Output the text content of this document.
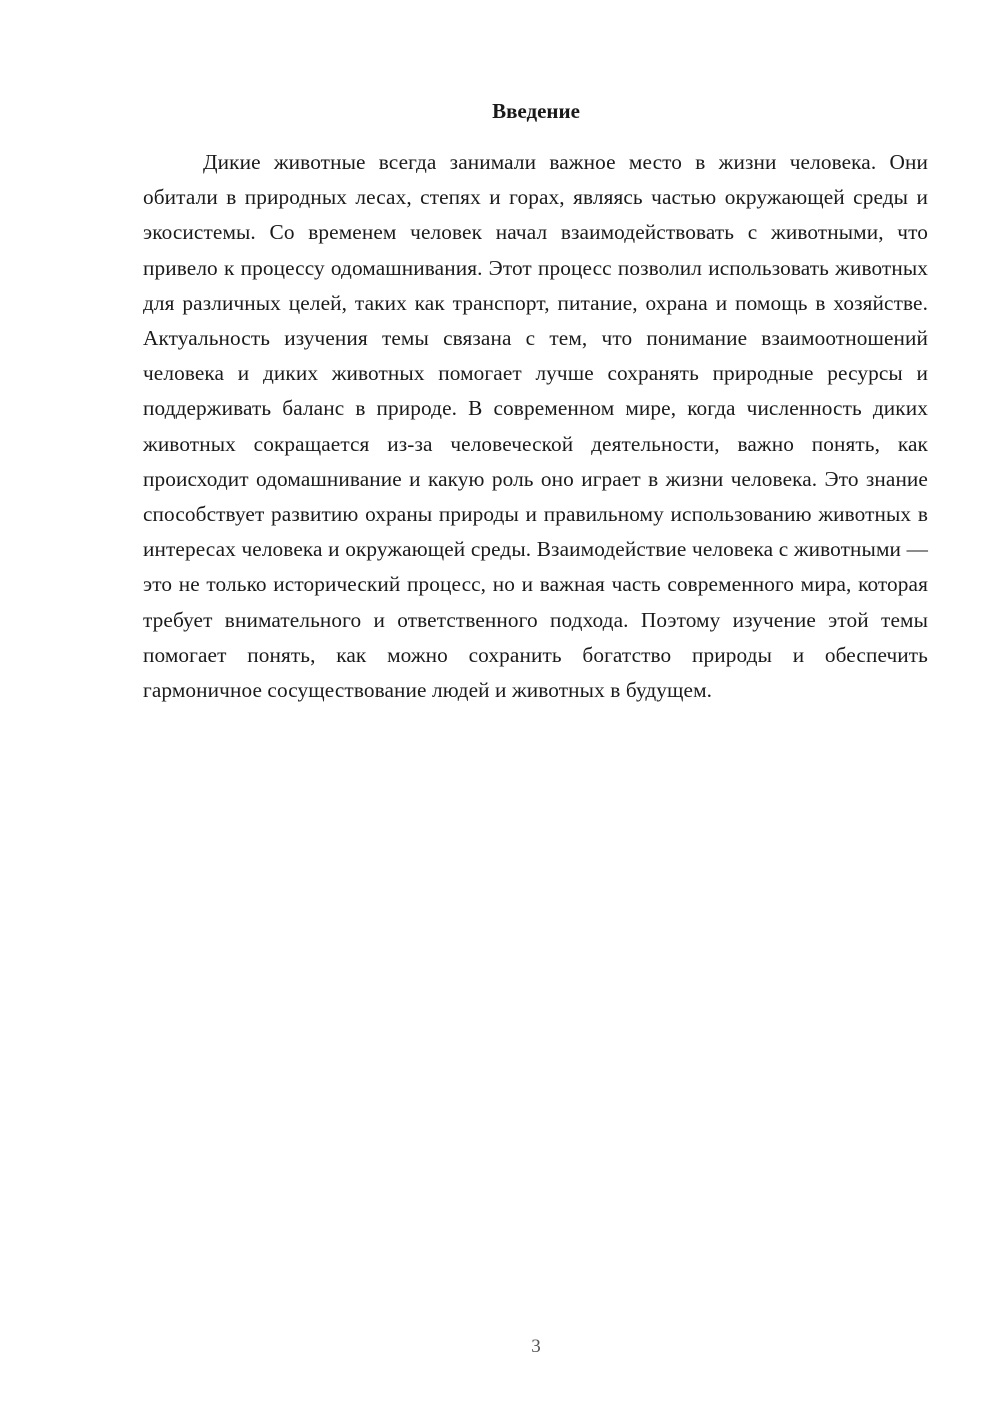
Введение

Дикие животные всегда занимали важное место в жизни человека. Они обитали в природных лесах, степях и горах, являясь частью окружающей среды и экосистемы. Со временем человек начал взаимодействовать с животными, что привело к процессу одомашнивания. Этот процесс позволил использовать животных для различных целей, таких как транспорт, питание, охрана и помощь в хозяйстве. Актуальность изучения темы связана с тем, что понимание взаимоотношений человека и диких животных помогает лучше сохранять природные ресурсы и поддерживать баланс в природе. В современном мире, когда численность диких животных сокращается из-за человеческой деятельности, важно понять, как происходит одомашнивание и какую роль оно играет в жизни человека. Это знание способствует развитию охраны природы и правильному использованию животных в интересах человека и окружающей среды. Взаимодействие человека с животными — это не только исторический процесс, но и важная часть современного мира, которая требует внимательного и ответственного подхода. Поэтому изучение этой темы помогает понять, как можно сохранить богатство природы и обеспечить гармоничное сосуществование людей и животных в будущем.

3
